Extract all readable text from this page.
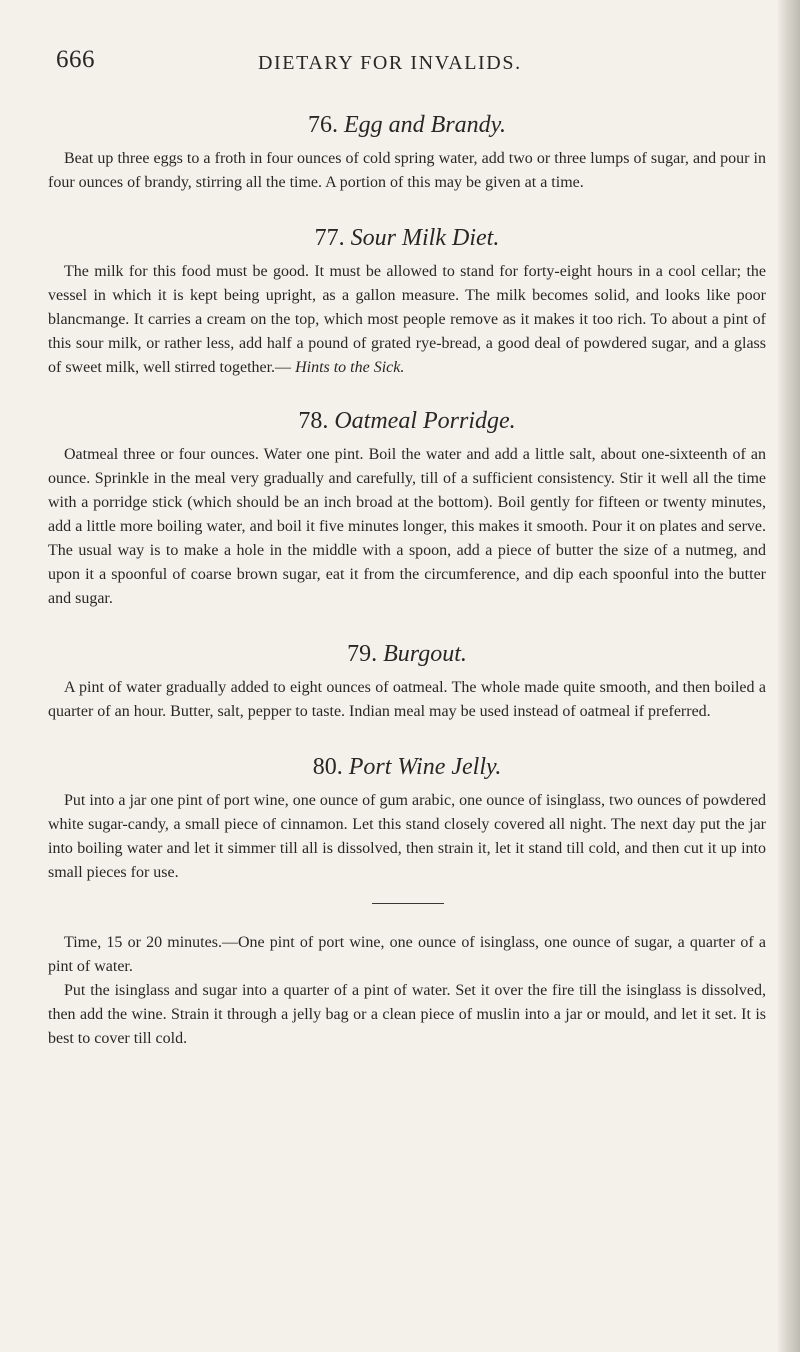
666	DIETARY FOR INVALIDS.
76. Egg and Brandy.

Beat up three eggs to a froth in four ounces of cold spring water, add two or three lumps of sugar, and pour in four ounces of brandy, stirring all the time. A portion of this may be given at a time.

77. Sour Milk Diet.

The milk for this food must be good. It must be allowed to stand for forty-eight hours in a cool cellar; the vessel in which it is kept being upright, as a gallon measure. The milk becomes solid, and looks like poor blancmange. It carries a cream on the top, which most people remove as it makes it too rich. To about a pint of this sour milk, or rather less, add half a pound of grated rye-bread, a good deal of powdered sugar, and a glass of sweet milk, well stirred together.— Hints to the Sick.

78. Oatmeal Porridge.

Oatmeal three or four ounces. Water one pint. Boil the water and add a little salt, about one-sixteenth of an ounce. Sprinkle in the meal very gradually and carefully, till of a sufficient consistency. Stir it well all the time with a porridge stick (which should be an inch broad at the bottom). Boil gently for fifteen or twenty minutes, add a little more boiling water, and boil it five minutes longer, this makes it smooth. Pour it on plates and serve. The usual way is to make a hole in the middle with a spoon, add a piece of butter the size of a nutmeg, and upon it a spoonful of coarse brown sugar, eat it from the circumference, and dip each spoonful into the butter and sugar.

79. Burgout.

A pint of water gradually added to eight ounces of oatmeal. The whole made quite smooth, and then boiled a quarter of an hour. Butter, salt, pepper to taste. Indian meal may be used instead of oatmeal if preferred.

80. Port Wine Jelly.

Put into a jar one pint of port wine, one ounce of gum arabic, one ounce of isinglass, two ounces of powdered white sugar-candy, a small piece of cinnamon. Let this stand closely covered all night. The next day put the jar into boiling water and let it simmer till all is dissolved, then strain it, let it stand till cold, and then cut it up into small pieces for use.

Time, 15 or 20 minutes.—One pint of port wine, one ounce of isinglass, one ounce of sugar, a quarter of a pint of water.

Put the isinglass and sugar into a quarter of a pint of water. Set it over the fire till the isinglass is dissolved, then add the wine. Strain it through a jelly bag or a clean piece of muslin into a jar or mould, and let it set. It is best to cover till cold.
